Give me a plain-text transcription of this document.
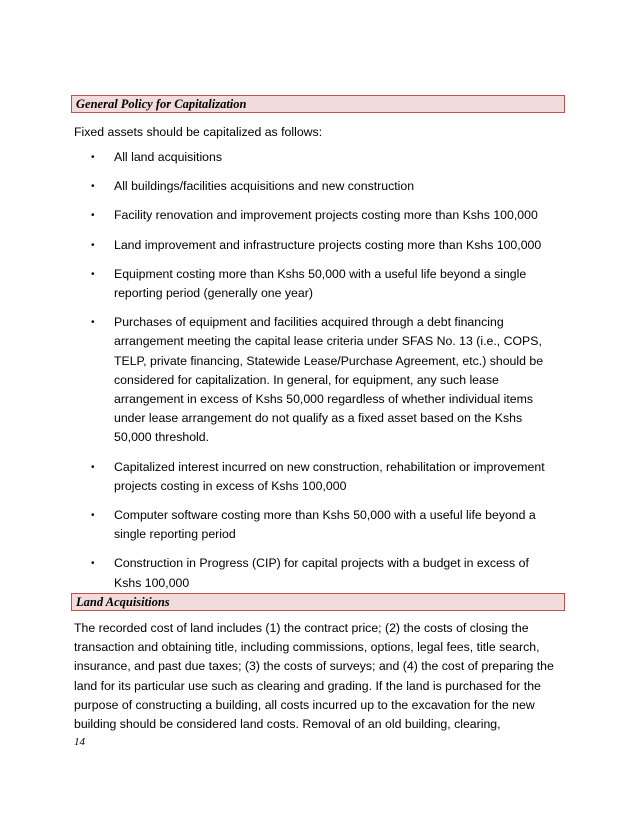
General Policy for Capitalization

Fixed assets should be capitalized as follows:

• All land acquisitions
• All buildings/facilities acquisitions and new construction
• Facility renovation and improvement projects costing more than Kshs 100,000
• Land improvement and infrastructure projects costing more than Kshs 100,000
• Equipment costing more than Kshs 50,000 with a useful life beyond a single reporting period (generally one year)
• Purchases of equipment and facilities acquired through a debt financing arrangement meeting the capital lease criteria under SFAS No. 13 (i.e., COPS, TELP, private financing, Statewide Lease/Purchase Agreement, etc.) should be considered for capitalization. In general, for equipment, any such lease arrangement in excess of Kshs 50,000 regardless of whether individual items under lease arrangement do not qualify as a fixed asset based on the Kshs 50,000 threshold.
• Capitalized interest incurred on new construction, rehabilitation or improvement projects costing in excess of Kshs 100,000
• Computer software costing more than Kshs 50,000 with a useful life beyond a single reporting period
• Construction in Progress (CIP) for capital projects with a budget in excess of Kshs 100,000
Land Acquisitions

The recorded cost of land includes (1) the contract price; (2) the costs of closing the transaction and obtaining title, including commissions, options, legal fees, title search, insurance, and past due taxes; (3) the costs of surveys; and (4) the cost of preparing the land for its particular use such as clearing and grading. If the land is purchased for the purpose of constructing a building, all costs incurred up to the excavation for the new building should be considered land costs. Removal of an old building, clearing,

14
